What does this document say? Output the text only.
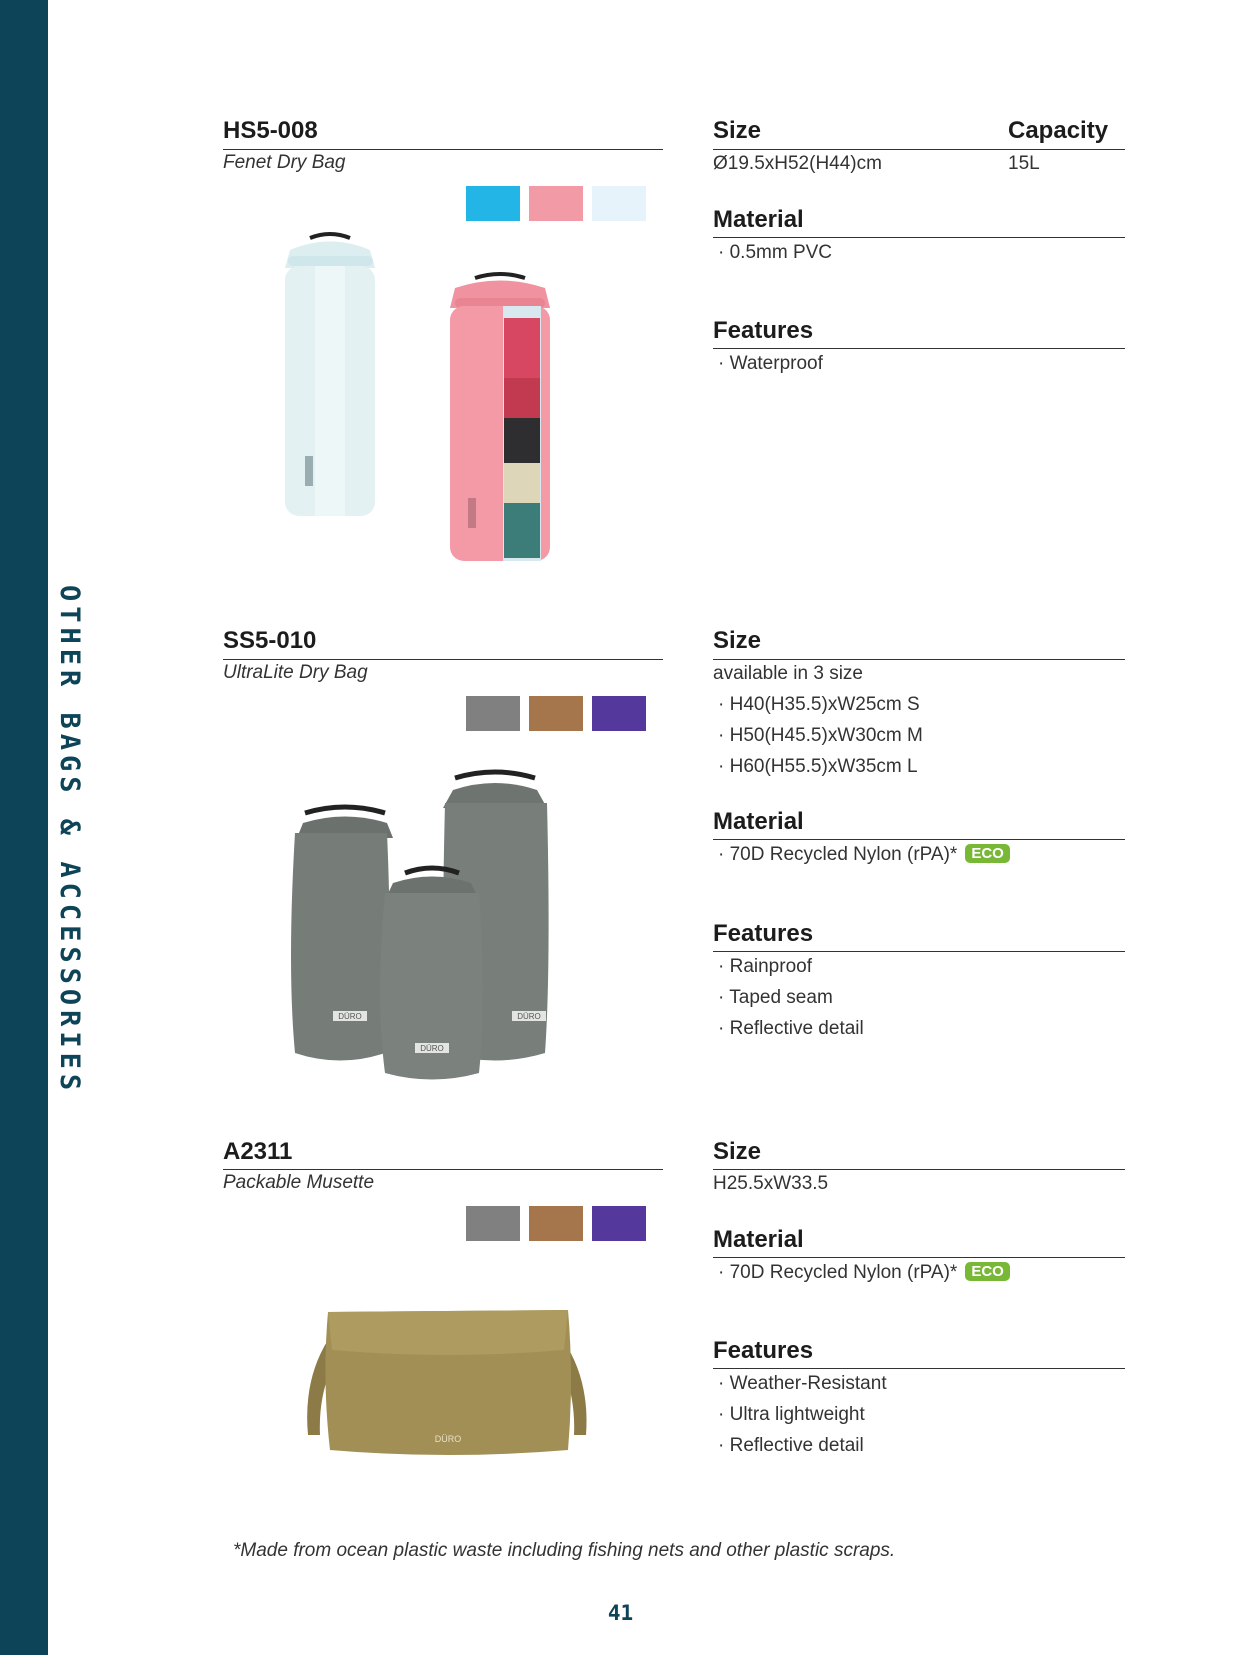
OTHER BAGS & ACCESSORIES
HS5-008
Fenet Dry Bag
Size	Capacity
Ø19.5xH52(H44)cm	15L
Material
· 0.5mm PVC
Features
· Waterproof
SS5-010
UltraLite Dry Bag
DÜRO
DÜRO
DÜRO
Size
available in 3 size
· H40(H35.5)xW25cm S
· H50(H45.5)xW30cm M
· H60(H55.5)xW35cm L
Material
· 70D Recycled Nylon (rPA)* ECO
Features
· Rainproof
· Taped seam
· Reflective detail
A2311
Packable Musette
DÜRO
Size
H25.5xW33.5
Material
· 70D Recycled Nylon (rPA)* ECO
Features
· Weather-Resistant
· Ultra lightweight
· Reflective detail
*Made from ocean plastic waste including fishing nets and other plastic scraps.
41
